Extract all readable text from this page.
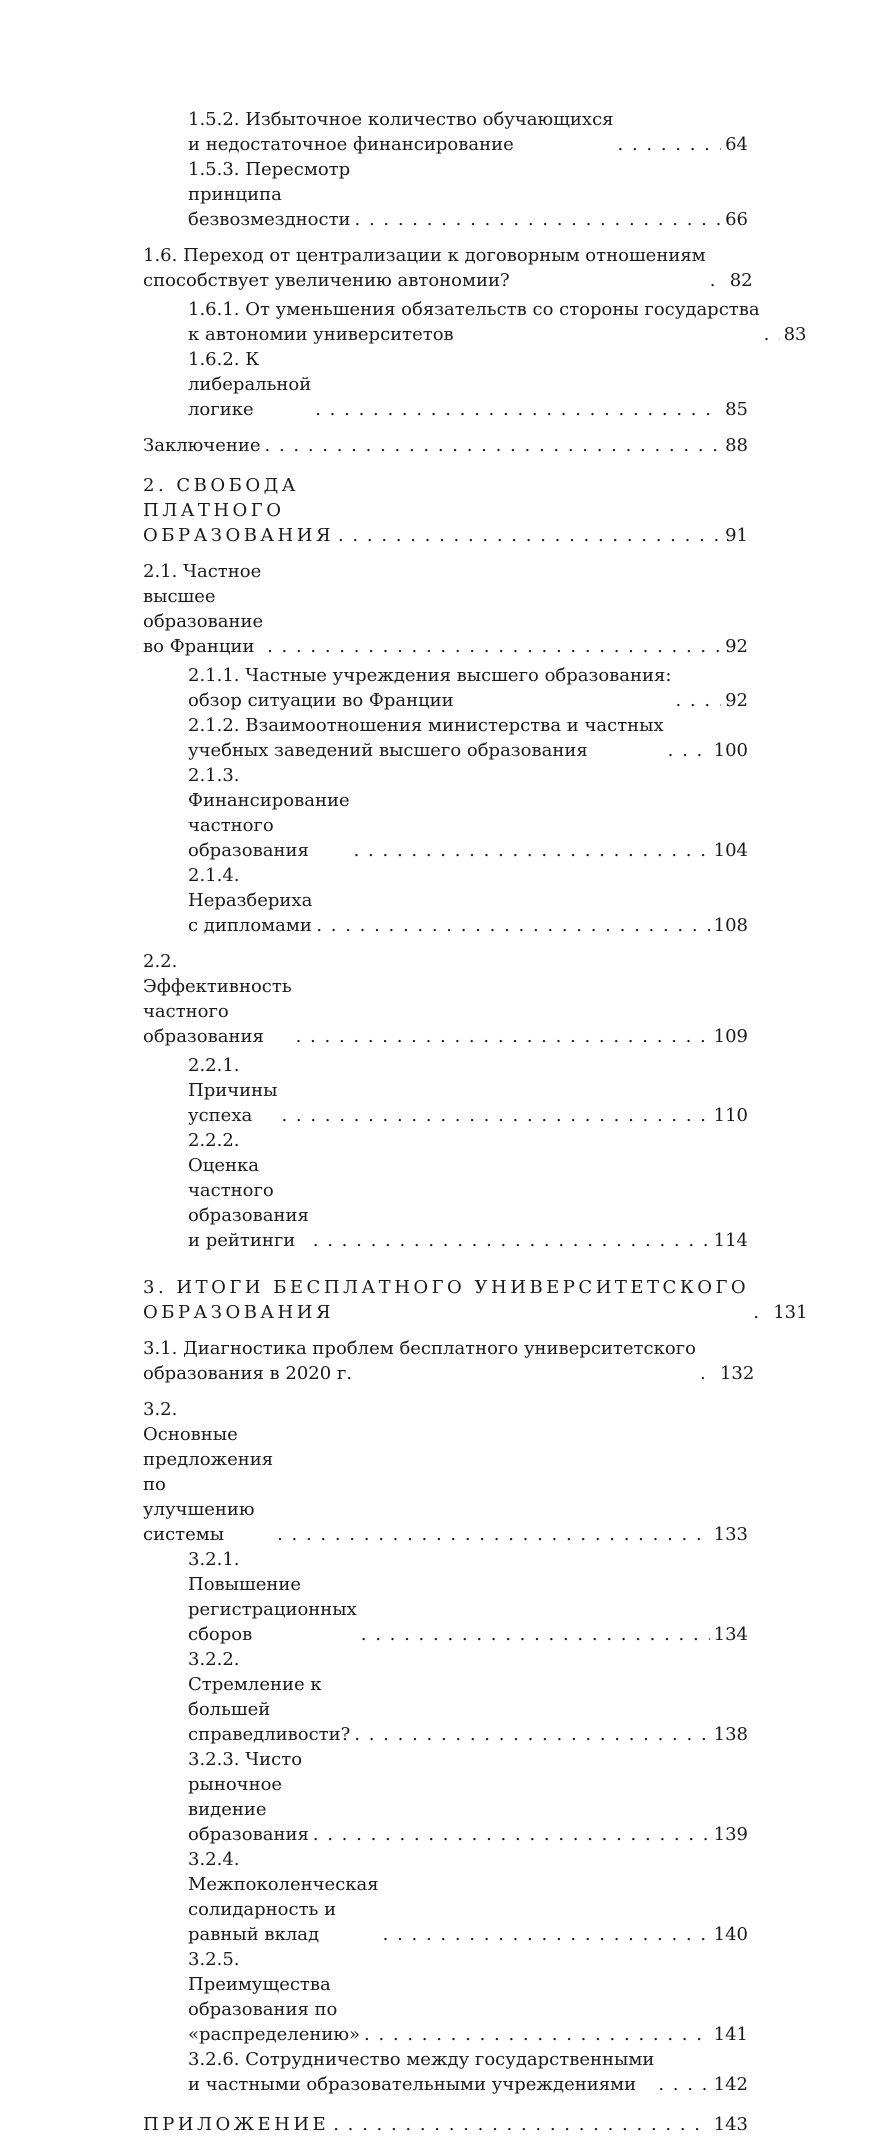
1.5.2. Избыточное количество обучающихся
и недостаточное финансирование . . .	64
1.5.3. Пересмотр принципа безвозмездности . . .	66
1.6. Переход от централизации к договорным отношениям
способствует увеличению автономии? . . .	82
1.6.1. От уменьшения обязательств со стороны государства
к автономии университетов . . .	83
1.6.2. К либеральной логике . . .	85
Заключение . . .	88
2. СВОБОДА ПЛАТНОГО ОБРАЗОВАНИЯ . . .	91
2.1. Частное высшее образование во Франции . . .	92
2.1.1. Частные учреждения высшего образования:
обзор ситуации во Франции . . .	92
2.1.2. Взаимоотношения министерства и частных
учебных заведений высшего образования . . .	100
2.1.3. Финансирование частного образования . . .	104
2.1.4. Неразбериха с дипломами . . .	108
2.2. Эффективность частного образования . . .	109
2.2.1. Причины успеха . . .	110
2.2.2. Оценка частного образования и рейтинги . . .	114
3. ИТОГИ БЕСПЛАТНОГО УНИВЕРСИТЕТСКОГО
ОБРАЗОВАНИЯ . . .	131
3.1. Диагностика проблем бесплатного университетского
образования в 2020 г. . . .	132
3.2. Основные предложения по улучшению системы . . .	133
3.2.1. Повышение регистрационных сборов . . .	134
3.2.2. Стремление к большей справедливости? . . .	138
3.2.3. Чисто рыночное видение образования . . .	139
3.2.4. Межпоколенческая солидарность и равный вклад . . .	140
3.2.5. Преимущества образования по «распределению» . . .	141
3.2.6. Сотрудничество между государственными
и частными образовательными учреждениями . . .	142
ПРИЛОЖЕНИЕ . . .	143
